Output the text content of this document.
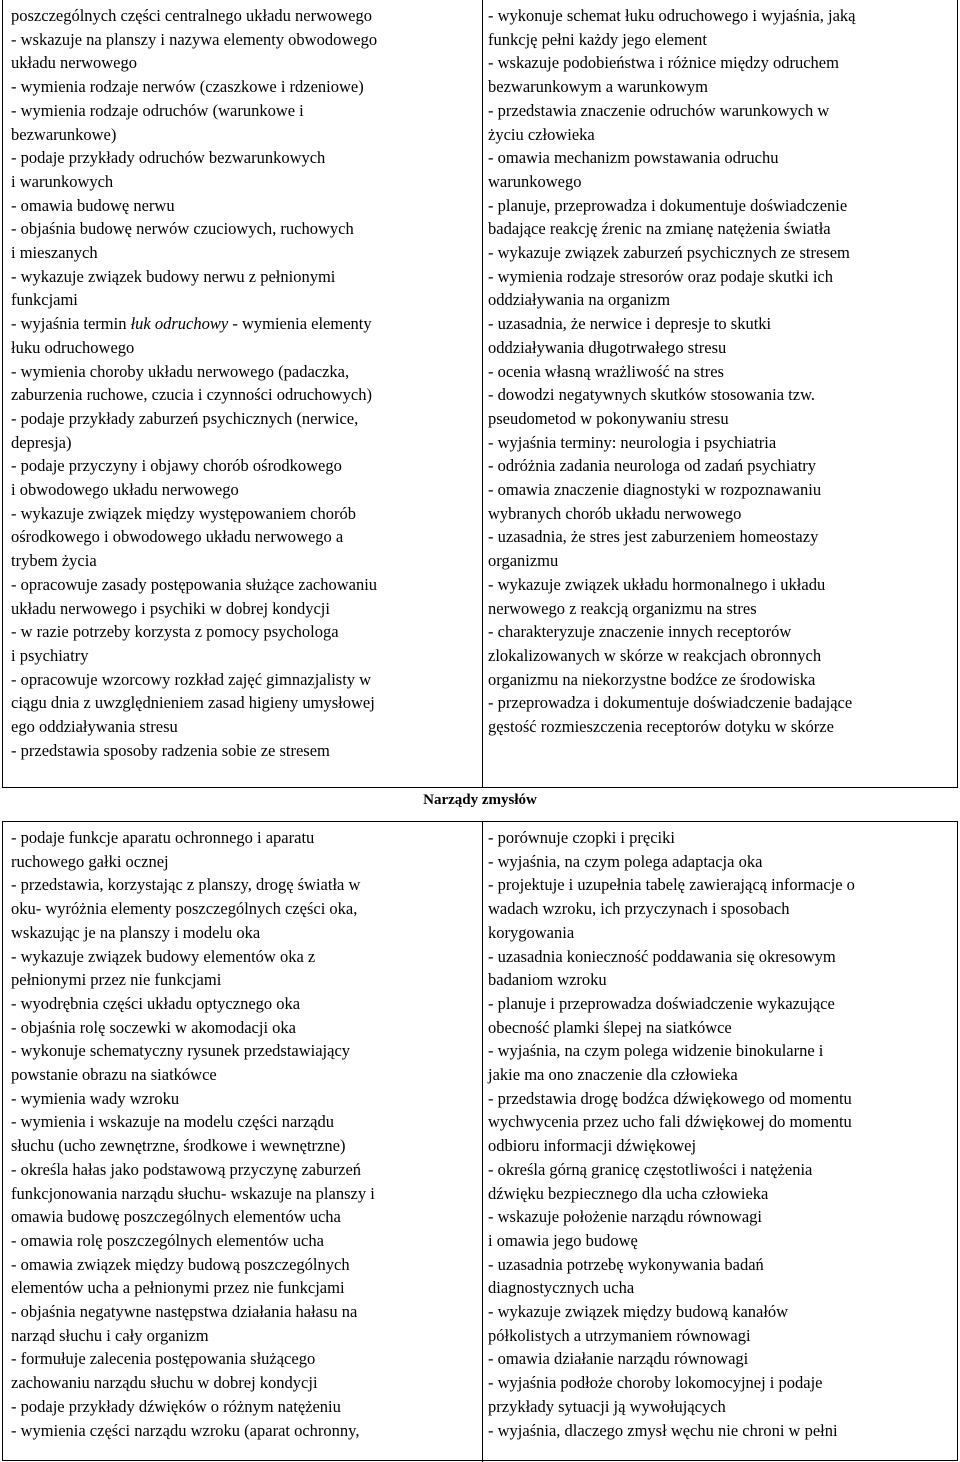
poszczególnych części centralnego układu nerwowego
- wskazuje na planszy i nazywa elementy obwodowego
układu nerwowego
- wymienia rodzaje nerwów (czaszkowe i rdzeniowe)
- wymienia rodzaje odruchów (warunkowe i
bezwarunkowe)
- podaje przykłady odruchów bezwarunkowych
i warunkowych
- omawia budowę nerwu
- objaśnia budowę nerwów czuciowych, ruchowych
i mieszanych
- wykazuje związek budowy nerwu z pełnionymi
funkcjami
- wyjaśnia termin łuk odruchowy - wymienia elementy
łuku odruchowego
- wymienia choroby układu nerwowego (padaczka,
zaburzenia ruchowe, czucia i czynności odruchowych)
- podaje przykłady zaburzeń psychicznych (nerwice,
depresja)
- podaje przyczyny i objawy chorób ośrodkowego
i obwodowego układu nerwowego
- wykazuje związek między występowaniem chorób
ośrodkowego i obwodowego układu nerwowego a
trybem życia
- opracowuje zasady postępowania służące zachowaniu
układu nerwowego i psychiki w dobrej kondycji
- w razie potrzeby korzysta z pomocy psychologa
i psychiatry
- opracowuje wzorcowy rozkład zajęć gimnazjalisty w
ciągu dnia z uwzględnieniem zasad higieny umysłowej
ego oddziaływania stresu
- przedstawia sposoby radzenia sobie ze stresem
- wykonuje schemat łuku odruchowego i wyjaśnia, jaką
funkcję pełni każdy jego element
- wskazuje podobieństwa i różnice między odruchem
bezwarunkowym a warunkowym
- przedstawia znaczenie odruchów warunkowych w
życiu człowieka
- omawia mechanizm powstawania odruchu
warunkowego
- planuje, przeprowadza i dokumentuje doświadczenie
badające reakcję źrenic na zmianę natężenia światła
- wykazuje związek zaburzeń psychicznych ze stresem
- wymienia rodzaje stresorów oraz podaje skutki ich
oddziaływania na organizm
- uzasadnia, że nerwice i depresje to skutki
oddziaływania długotrwałego stresu
- ocenia własną wrażliwość na stres
- dowodzi negatywnych skutków stosowania tzw.
pseudometod w pokonywaniu stresu
- wyjaśnia terminy: neurologia i psychiatria
- odróżnia zadania neurologa od zadań psychiatry
- omawia znaczenie diagnostyki w rozpoznawaniu
wybranych chorób układu nerwowego
- uzasadnia, że stres jest zaburzeniem homeostazy
organizmu
- wykazuje związek układu hormonalnego i układu
nerwowego z reakcją organizmu na stres
- charakteryzuje znaczenie innych receptorów
zlokalizowanych w skórze w reakcjach obronnych
organizmu na niekorzystne bodźce ze środowiska
- przeprowadza i dokumentuje doświadczenie badające
gęstość rozmieszczenia receptorów dotyku w skórze
Narządy zmysłów
- podaje funkcje aparatu ochronnego i aparatu
ruchowego gałki ocznej
- przedstawia, korzystając z planszy, drogę światła w
oku- wyróżnia elementy poszczególnych części oka,
wskazując je na planszy i modelu oka
- wykazuje związek budowy elementów oka z
pełnionymi przez nie funkcjami
- wyodrębnia części układu optycznego oka
- objaśnia rolę soczewki w akomodacji oka
- wykonuje schematyczny rysunek przedstawiający
powstanie obrazu na siatkówce
- wymienia wady wzroku
- wymienia i wskazuje na modelu części narządu
słuchu (ucho zewnętrzne, środkowe i wewnętrzne)
- określa hałas jako podstawową przyczynę zaburzeń
funkcjonowania narządu słuchu- wskazuje na planszy i
omawia budowę poszczególnych elementów ucha
- omawia rolę poszczególnych elementów ucha
- omawia związek między budową poszczególnych
elementów ucha a pełnionymi przez nie funkcjami
- objaśnia negatywne następstwa działania hałasu na
narząd słuchu i cały organizm
- formułuje zalecenia postępowania służącego
zachowaniu narządu słuchu w dobrej kondycji
- podaje przykłady dźwięków o różnym natężeniu
- wymienia części narządu wzroku (aparat ochronny,
- porównuje czopki i pręciki
- wyjaśnia, na czym polega adaptacja oka
- projektuje i uzupełnia tabelę zawierającą informacje o
wadach wzroku, ich przyczynach i sposobach
korygowania
- uzasadnia konieczność poddawania się okresowym
badaniom wzroku
- planuje i przeprowadza doświadczenie wykazujące
obecność plamki ślepej na siatkówce
- wyjaśnia, na czym polega widzenie binokularne i
jakie ma ono znaczenie dla człowieka
- przedstawia drogę bodźca dźwiękowego od momentu
wychwycenia przez ucho fali dźwiękowej do momentu
odbioru informacji dźwiękowej
- określa górną granicę częstotliwości i natężenia
dźwięku bezpiecznego dla ucha człowieka
- wskazuje położenie narządu równowagi
i omawia jego budowę
- uzasadnia potrzebę wykonywania badań
diagnostycznych ucha
- wykazuje związek między budową kanałów
półkolistych a utrzymaniem równowagi
- omawia działanie narządu równowagi
- wyjaśnia podłoże choroby lokomocyjnej i podaje
przykłady sytuacji ją wywołujących
- wyjaśnia, dlaczego zmysł węchu nie chroni w pełni
